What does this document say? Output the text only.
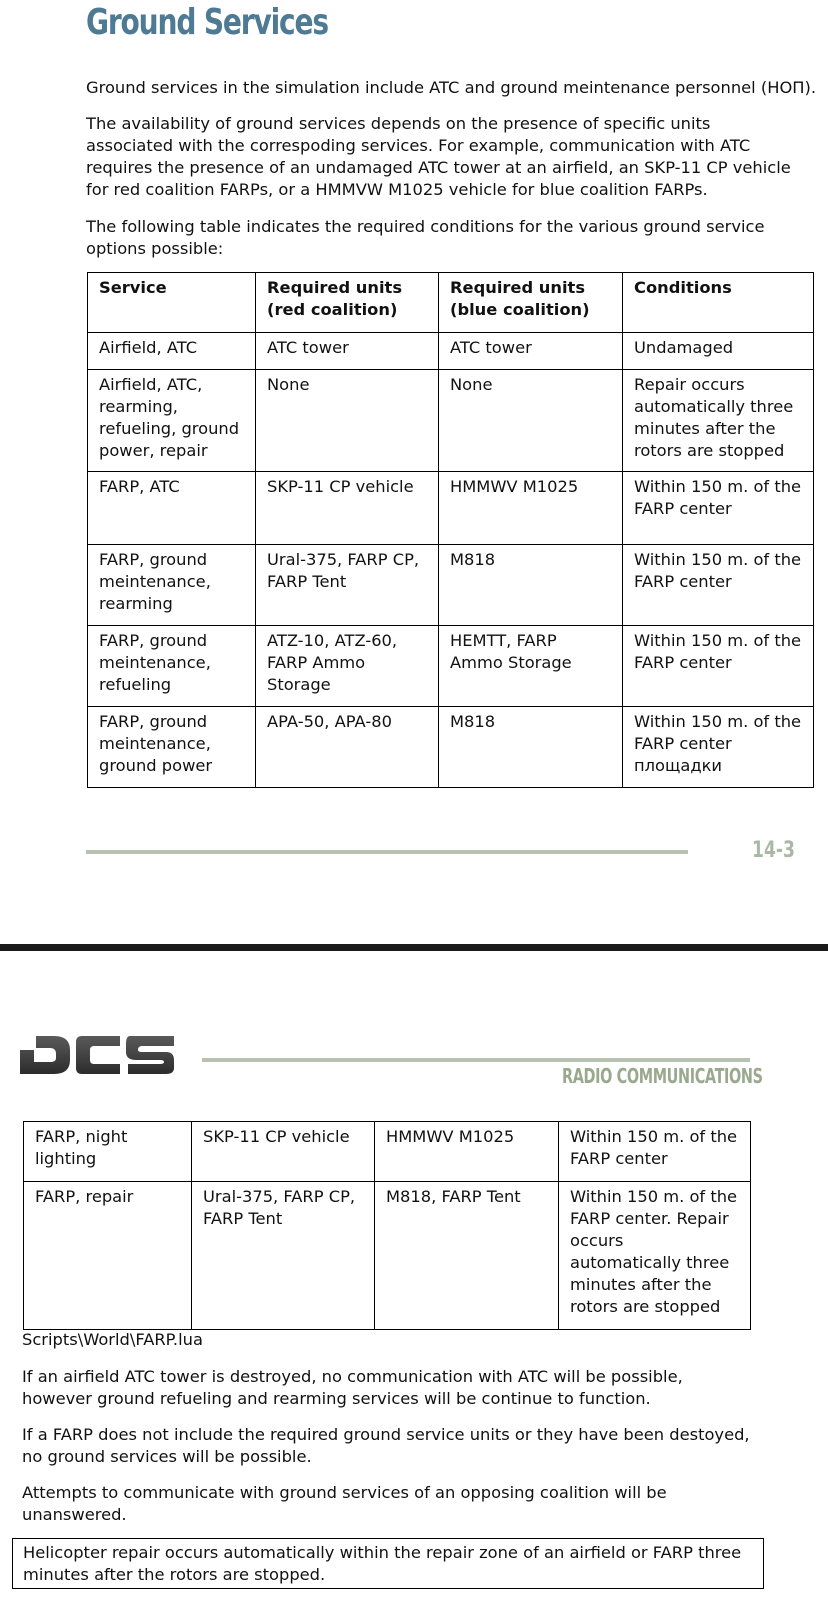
Ground Services

Ground services in the simulation include ATC and ground meintenance personnel (НОП).

The availability of ground services depends on the presence of specific units associated with the correspoding services. For example, communication with ATC requires the presence of an undamaged ATC tower at an airfield, an SKP-11 CP vehicle for red coalition FARPs, or a HMMVW M1025 vehicle for blue coalition FARPs.

The following table indicates the required conditions for the various ground service options possible:

Service	Required units (red coalition)	Required units (blue coalition)	Conditions
Airfield, ATC	ATC tower	ATC tower	Undamaged
Airfield, ATC, rearming, refueling, ground power, repair	None	None	Repair occurs automatically three minutes after the rotors are stopped
FARP, ATC	SKP-11 CP vehicle	HMMWV M1025	Within 150 m. of the FARP center
FARP, ground meintenance, rearming	Ural-375, FARP CP, FARP Tent	M818	Within 150 m. of the FARP center
FARP, ground meintenance, refueling	ATZ-10, ATZ-60, FARP Ammo Storage	HEMTT, FARP Ammo Storage	Within 150 m. of the FARP center
FARP, ground meintenance, ground power	APA-50, APA-80	M818	Within 150 m. of the FARP center площадки
14-3
RADIO COMMUNICATIONS
FARP, night lighting	SKP-11 CP vehicle	HMMWV M1025	Within 150 m. of the FARP center
FARP, repair	Ural-375, FARP CP, FARP Tent	M818, FARP Tent	Within 150 m. of the FARP center. Repair occurs automatically three minutes after the rotors are stopped

Scripts\World\FARP.lua

If an airfield ATC tower is destroyed, no communication with ATC will be possible, however ground refueling and rearming services will be continue to function.

If a FARP does not include the required ground service units or they have been destoyed, no ground services will be possible.

Attempts to communicate with ground services of an opposing coalition will be unanswered.

Helicopter repair occurs automatically within the repair zone of an airfield or FARP three minutes after the rotors are stopped.
